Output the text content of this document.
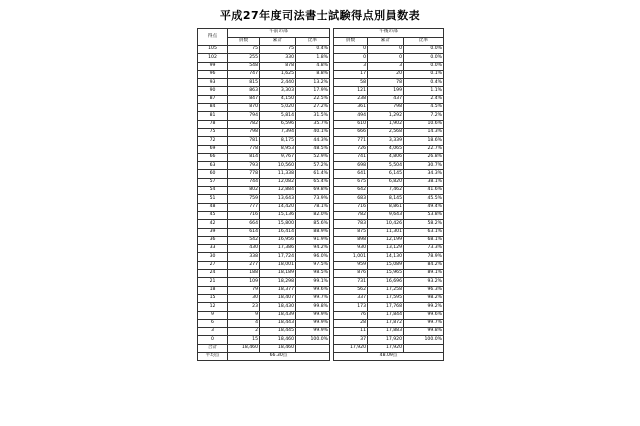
平成27年度司法書士試験得点別員数表
得点	午前の部				午後の部		
	員数	累計	比率		員数	累計	比率
105	75	75	0.4%		0	0	0.0%
102	255	330	1.8%		0	0	0.0%
99	548	878	4.8%		3	3	0.0%
96	747	1,625	8.8%		17	20	0.1%
93	815	2,440	13.2%		58	78	0.4%
90	863	3,303	17.9%		121	199	1.1%
87	847	4,150	22.5%		238	437	2.4%
84	870	5,020	27.2%		361	798	4.5%
81	794	5,814	31.5%		494	1,292	7.2%
78	782	6,596	35.7%		610	1,902	10.6%
75	798	7,394	40.1%		666	2,568	14.3%
72	781	8,175	44.3%		771	3,339	18.6%
69	778	8,953	48.5%		726	4,065	22.7%
66	814	9,767	52.9%		741	4,806	26.8%
63	793	10,560	57.2%		698	5,504	30.7%
60	778	11,338	61.4%		641	6,145	34.3%
57	744	12,082	65.4%		675	6,820	38.1%
54	802	12,884	69.8%		642	7,462	41.6%
51	759	13,643	73.9%		683	8,145	45.5%
48	777	14,420	78.1%		716	8,861	49.4%
45	716	15,136	82.0%		782	9,643	53.8%
42	664	15,800	85.6%		783	10,426	58.2%
39	614	16,414	88.9%		875	11,301	63.1%
36	542	16,956	91.9%		898	12,199	68.1%
33	430	17,386	94.2%		930	13,129	73.3%
30	338	17,724	96.0%		1,001	14,130	78.9%
27	277	18,001	97.5%		959	15,089	84.2%
24	188	18,189	98.5%		876	15,965	89.1%
21	109	18,298	99.1%		731	16,696	93.2%
18	79	18,377	99.6%		562	17,258	96.3%
15	30	18,407	99.7%		337	17,595	98.2%
12	23	18,430	99.8%		173	17,768	99.2%
9	9	18,439	99.9%		76	17,844	99.6%
6	4	18,443	99.9%		28	17,872	99.7%
3	2	18,445	99.9%		11	17,883	99.8%
0	15	18,460	100.0%		37	17,920	100.0%
合計	18,460	18,460			17,920	17,920	
平均点	66.30点				48.09点		
